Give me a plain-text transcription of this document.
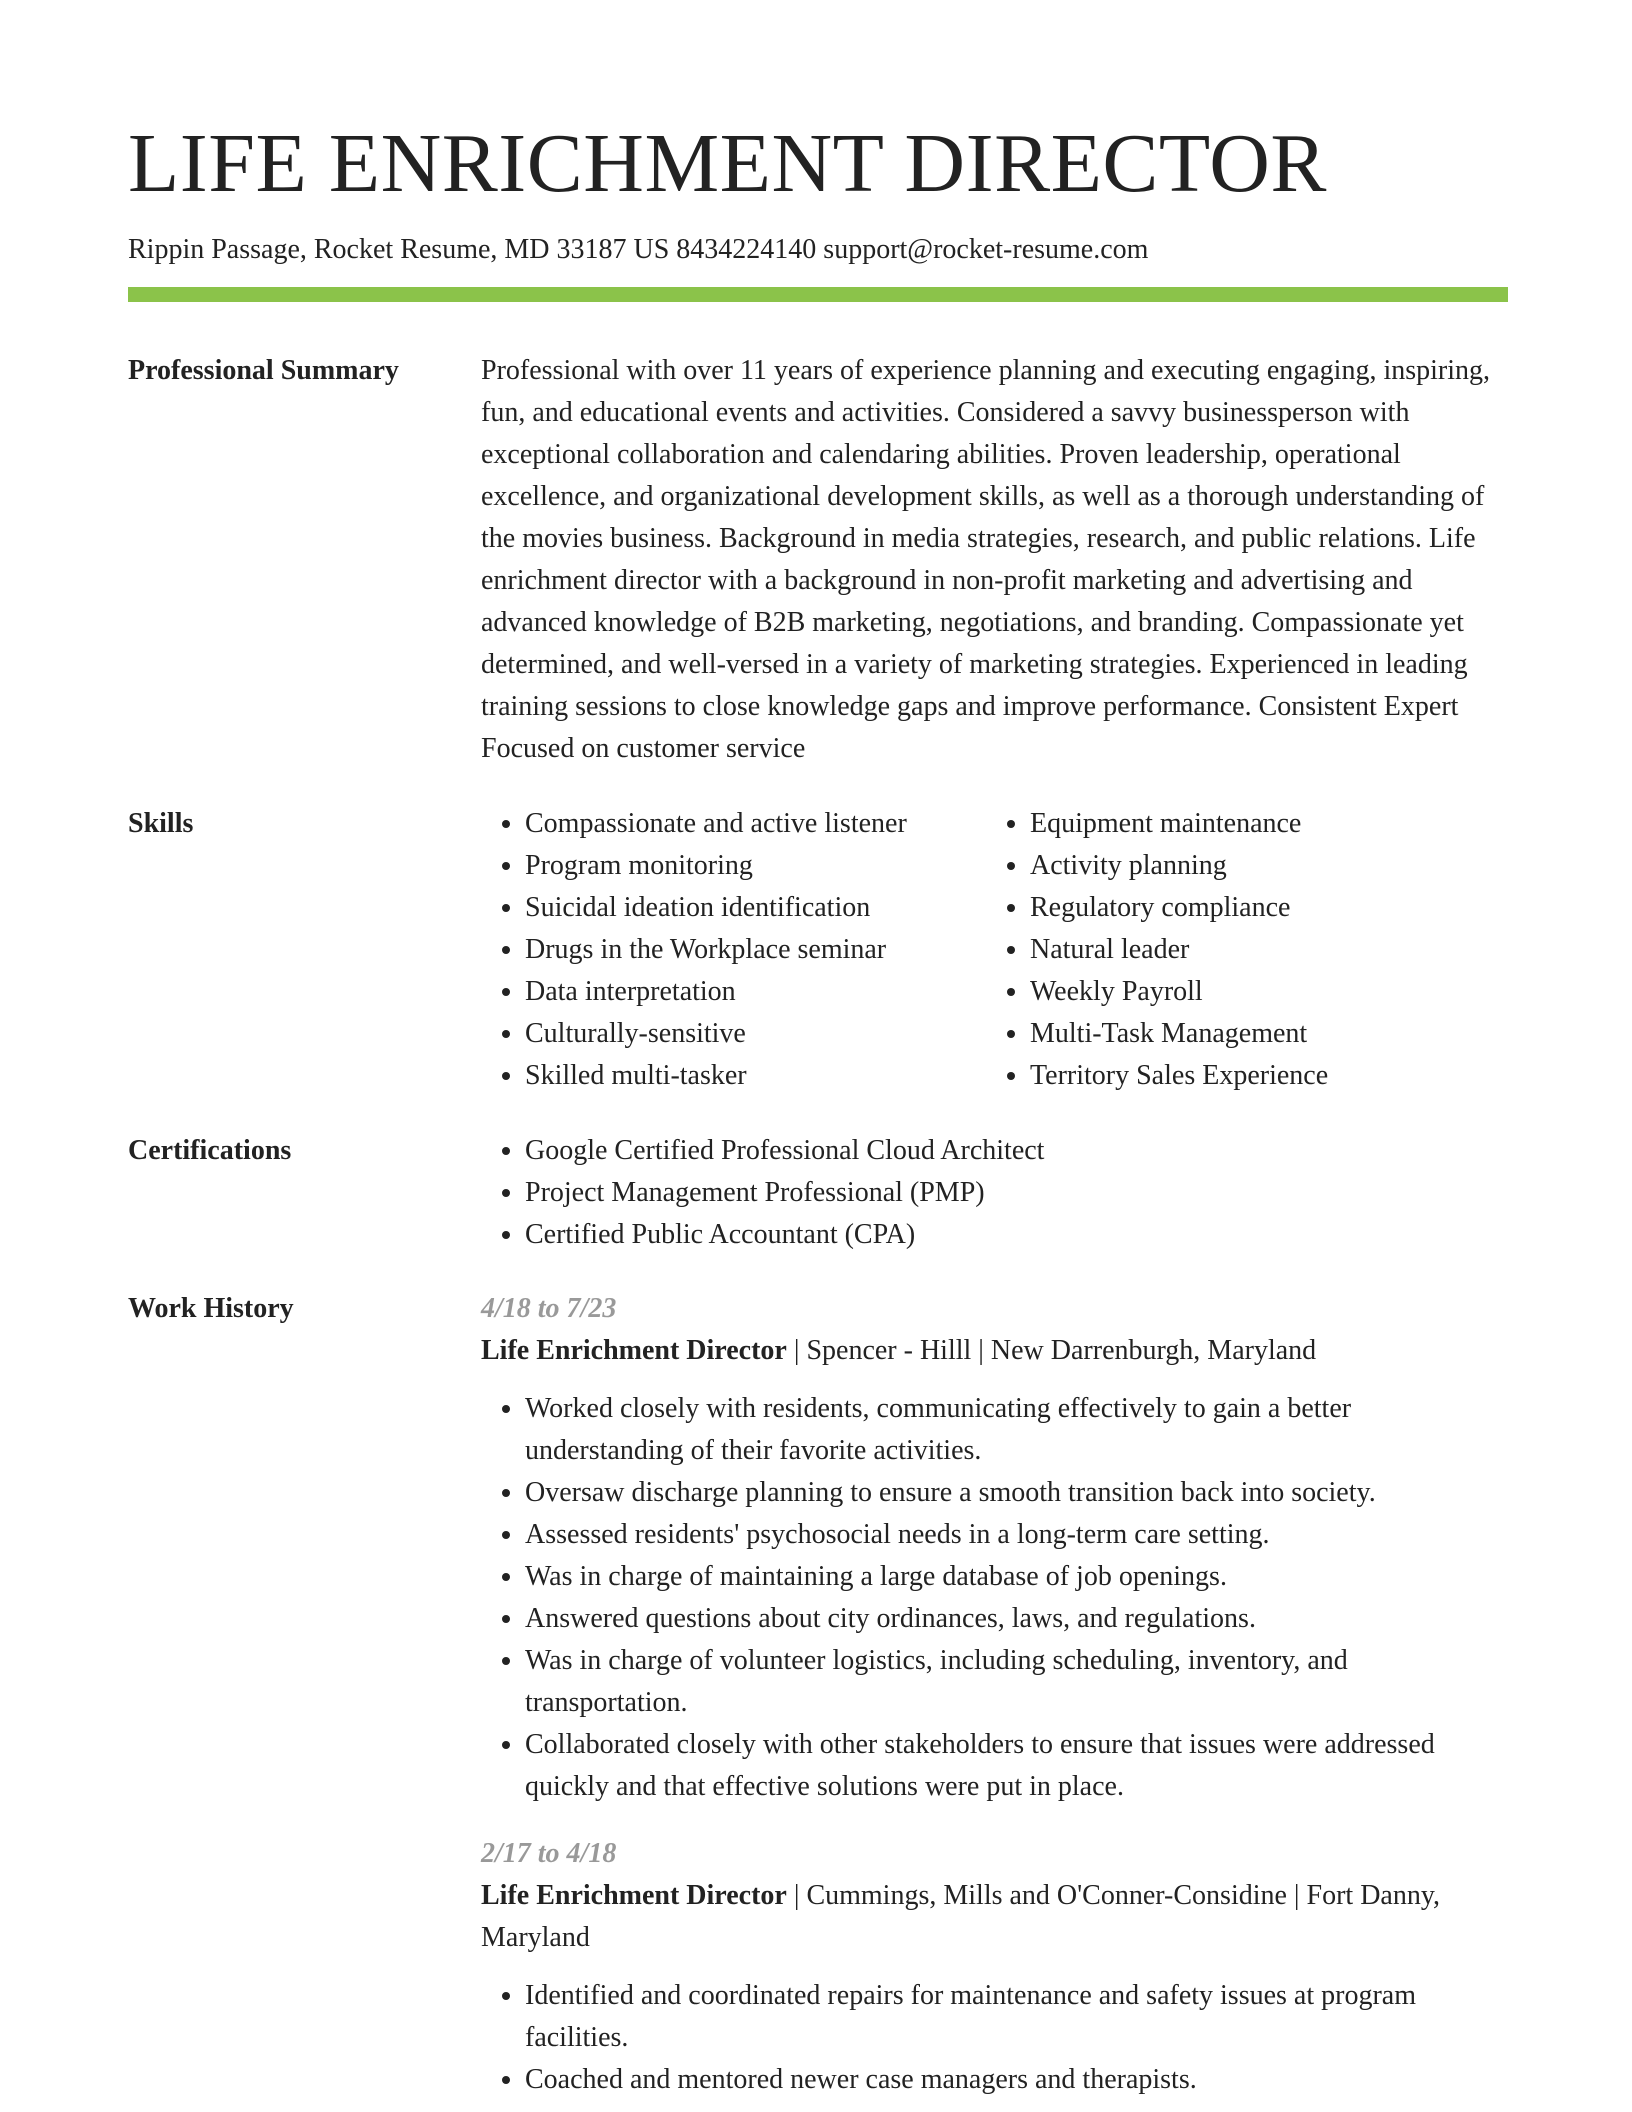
LIFE ENRICHMENT DIRECTOR
Rippin Passage, Rocket Resume, MD 33187 US 8434224140 support@rocket-resume.com
Professional Summary	Professional with over 11 years of experience planning and executing engaging, inspiring, fun, and educational events and activities. Considered a savvy businessperson with exceptional collaboration and calendaring abilities. Proven leadership, operational excellence, and organizational development skills, as well as a thorough understanding of the movies business. Background in media strategies, research, and public relations. Life enrichment director with a background in non-profit marketing and advertising and advanced knowledge of B2B marketing, negotiations, and branding. Compassionate yet determined, and well-versed in a variety of marketing strategies. Experienced in leading training sessions to close knowledge gaps and improve performance. Consistent Expert Focused on customer service

Skills	• Compassionate and active listener
• Program monitoring
• Suicidal ideation identification
• Drugs in the Workplace seminar
• Data interpretation
• Culturally-sensitive
• Skilled multi-tasker
• Equipment maintenance
• Activity planning
• Regulatory compliance
• Natural leader
• Weekly Payroll
• Multi-Task Management
• Territory Sales Experience
Certifications	• Google Certified Professional Cloud Architect
• Project Management Professional (PMP)
• Certified Public Accountant (CPA)
Work History	4/18 to 7/23
Life Enrichment Director | Spencer - Hilll | New Darrenburgh, Maryland
• Worked closely with residents, communicating effectively to gain a better understanding of their favorite activities.
• Oversaw discharge planning to ensure a smooth transition back into society.
• Assessed residents' psychosocial needs in a long-term care setting.
• Was in charge of maintaining a large database of job openings.
• Answered questions about city ordinances, laws, and regulations.
• Was in charge of volunteer logistics, including scheduling, inventory, and transportation.
• Collaborated closely with other stakeholders to ensure that issues were addressed quickly and that effective solutions were put in place.
2/17 to 4/18
Life Enrichment Director | Cummings, Mills and O'Conner-Considine | Fort Danny, Maryland
• Identified and coordinated repairs for maintenance and safety issues at program facilities.
• Coached and mentored newer case managers and therapists.
